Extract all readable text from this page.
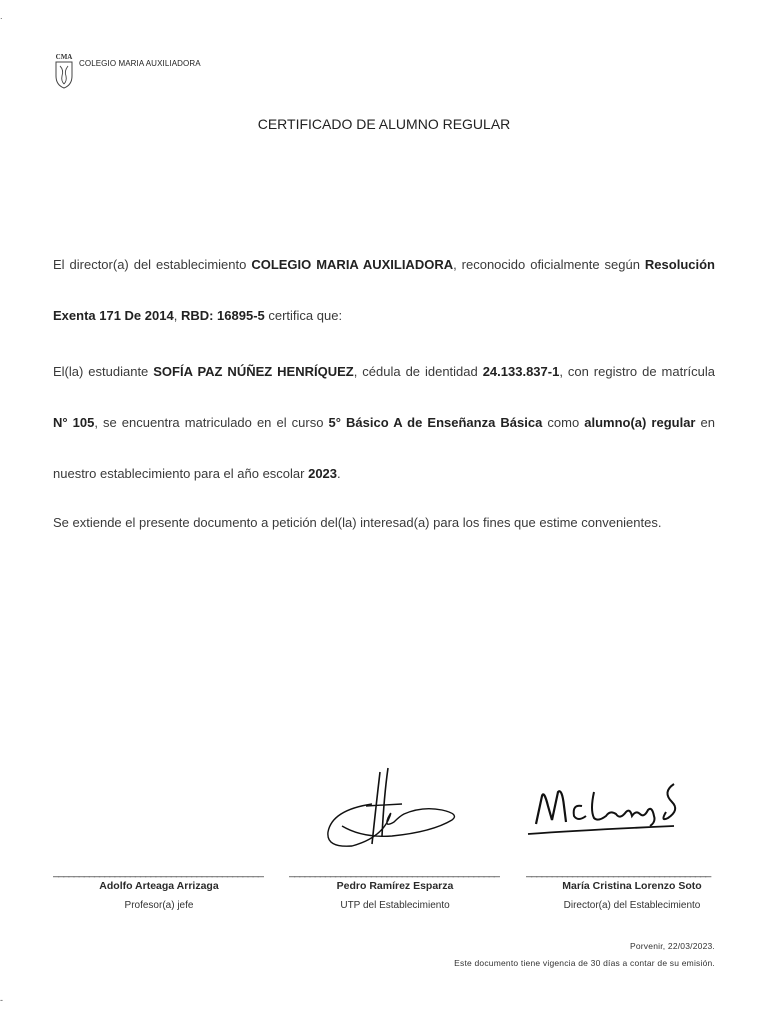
.
-
CMA
COLEGIO MARIA AUXILIADORA
CERTIFICADO DE ALUMNO REGULAR
El director(a) del establecimiento COLEGIO MARIA AUXILIADORA, reconocido oficialmente según Resolución Exenta 171 De 2014, RBD: 16895-5 certifica que:
El(la) estudiante SOFÍA PAZ NÚÑEZ HENRÍQUEZ, cédula de identidad 24.133.837-1, con registro de matrícula N° 105, se encuentra matriculado en el curso 5° Básico A de Enseñanza Básica como alumno(a) regular en nuestro establecimiento para el año escolar 2023.
Se extiende el presente documento a petición del(la) interesad(a) para los fines que estime convenientes.
_________________________________________
Adolfo Arteaga Arrizaga
Profesor(a) jefe
_________________________________________
Pedro Ramírez Esparza
UTP del Establecimiento
____________________________________
María Cristina Lorenzo Soto
Director(a) del Establecimiento
Porvenir, 22/03/2023.
Este documento tiene vigencia de 30 días a contar de su emisión.
